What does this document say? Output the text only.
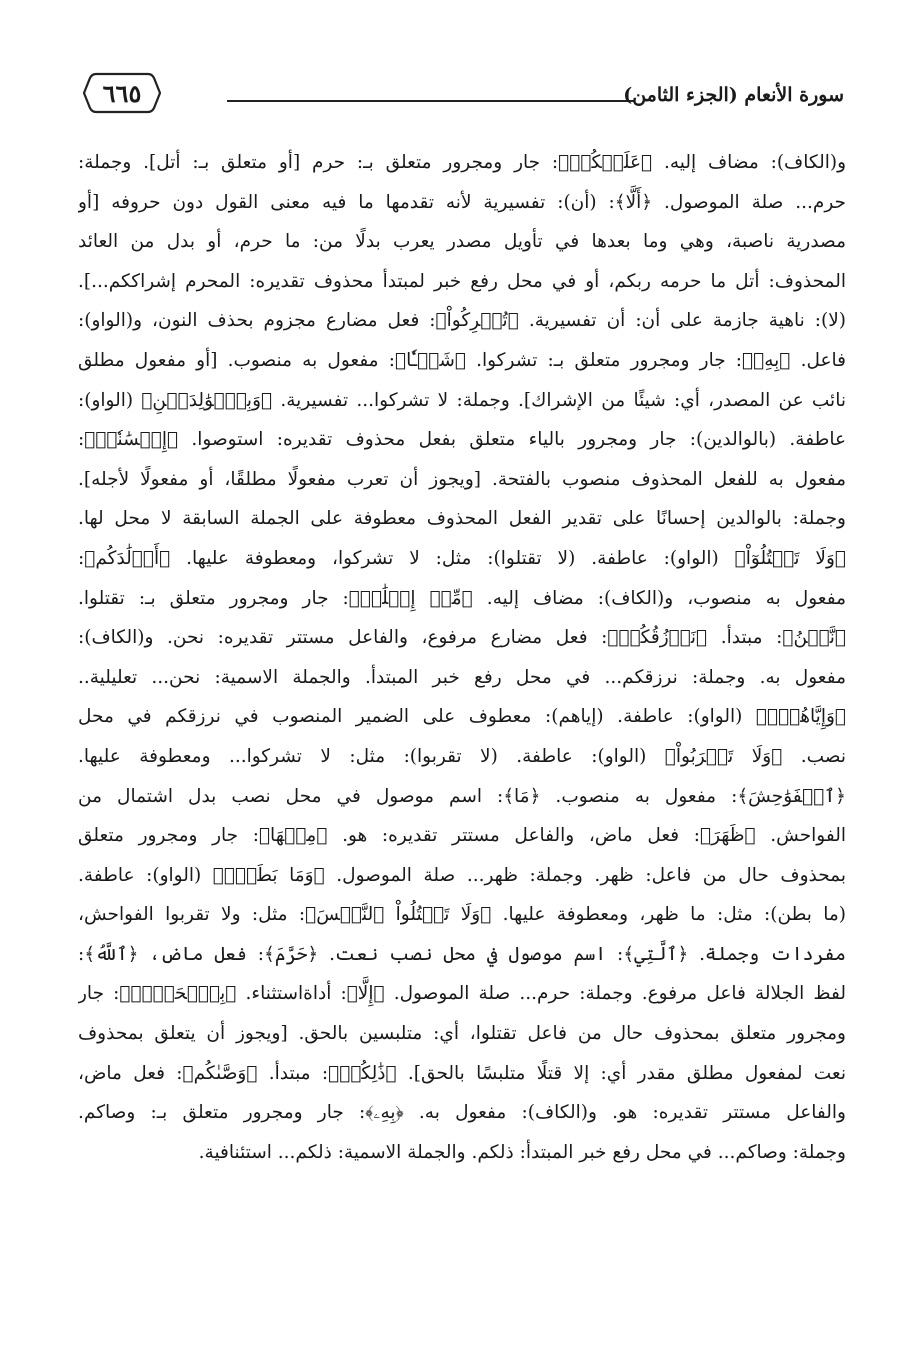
٦٦٥	سورة الأنعام (الجزء الثامن)
و(الكاف): مضاف إليه. ﴿عَلَيۡكُمۡ﴾: جار ومجرور متعلق بـ: حرم [أو متعلق بـ: أتل]. وجملة:
حرم... صلة الموصول. ﴿أَلَّا﴾: (أن): تفسيرية لأنه تقدمها ما فيه معنى القول دون حروفه [أو
مصدرية ناصبة، وهي وما بعدها في تأويل مصدر يعرب بدلًا من: ما حرم، أو بدل من العائد
المحذوف: أتل ما حرمه ربكم، أو في محل رفع خبر لمبتدأ محذوف تقديره: المحرم إشراككم...].
(لا): ناهية جازمة على أن: أن تفسيرية. ﴿تُشۡرِكُواْ﴾: فعل مضارع مجزوم بحذف النون، و(الواو):
فاعل. ﴿بِهِۦ﴾: جار ومجرور متعلق بـ: تشركوا. ﴿شَيۡـٔٗا﴾: مفعول به منصوب. [أو مفعول مطلق
نائب عن المصدر، أي: شيئًا من الإشراك]. وجملة: لا تشركوا... تفسيرية. ﴿وَبِٱلۡوَٰلِدَيۡنِ﴾ (الواو):
عاطفة. (بالوالدين): جار ومجرور بالياء متعلق بفعل محذوف تقديره: استوصوا. ﴿إِحۡسَٰنٗاۖ﴾:
مفعول به للفعل المحذوف منصوب بالفتحة. [ويجوز أن تعرب مفعولًا مطلقًا، أو مفعولًا لأجله].
وجملة: بالوالدين إحسانًا على تقدير الفعل المحذوف معطوفة على الجملة السابقة لا محل لها.
﴿وَلَا تَقۡتُلُوٓاْ﴾ (الواو): عاطفة. (لا تقتلوا): مثل: لا تشركوا، ومعطوفة عليها. ﴿أَوۡلَٰدَكُم﴾:
مفعول به منصوب، و(الكاف): مضاف إليه. ﴿مِّنۡ إِمۡلَٰقٖ﴾: جار ومجرور متعلق بـ: تقتلوا.
﴿نَّحۡنُ﴾: مبتدأ. ﴿نَرۡزُقُكُمۡ﴾: فعل مضارع مرفوع، والفاعل مستتر تقديره: نحن. و(الكاف):
مفعول به. وجملة: نرزقكم... في محل رفع خبر المبتدأ. والجملة الاسمية: نحن... تعليلية..
﴿وَإِيَّاهُمۡۖ﴾ (الواو): عاطفة. (إياهم): معطوف على الضمير المنصوب في نرزقكم في محل
نصب. ﴿وَلَا تَقۡرَبُواْ﴾ (الواو): عاطفة. (لا تقربوا): مثل: لا تشركوا... ومعطوفة عليها.
﴿ٱلۡفَوَٰحِشَ﴾: مفعول به منصوب. ﴿مَا﴾: اسم موصول في محل نصب بدل اشتمال من
الفواحش. ﴿ظَهَرَ﴾: فعل ماض، والفاعل مستتر تقديره: هو. ﴿مِنۡهَا﴾: جار ومجرور متعلق
بمحذوف حال من فاعل: ظهر. وجملة: ظهر... صلة الموصول. ﴿وَمَا بَطَنَۖ﴾ (الواو): عاطفة.
(ما بطن): مثل: ما ظهر، ومعطوفة عليها. ﴿وَلَا تَقۡتُلُواْ ٱلنَّفۡسَ﴾: مثل: ولا تقربوا الفواحش،
مفردات وجملة. ﴿ٱلَّتِي﴾: اسم موصول في محل نصب نعت. ﴿حَرَّمَ﴾: فعل ماض، ﴿ٱللَّهُ﴾:
لفظ الجلالة فاعل مرفوع. وجملة: حرم... صلة الموصول. ﴿إِلَّا﴾: أداةاستثناء. ﴿بِٱلۡحَقِّۚ﴾: جار
ومجرور متعلق بمحذوف حال من فاعل تقتلوا، أي: متلبسين بالحق. [ويجوز أن يتعلق بمحذوف
نعت لمفعول مطلق مقدر أي: إلا قتلًا متلبسًا بالحق]. ﴿ذَٰلِكُمۡ﴾: مبتدأ. ﴿وَصَّىٰكُم﴾: فعل ماض،
والفاعل مستتر تقديره: هو. و(الكاف): مفعول به. ﴿بِهِۦ﴾: جار ومجرور متعلق بـ: وصاكم.
وجملة: وصاكم... في محل رفع خبر المبتدأ: ذلكم. والجملة الاسمية: ذلكم... استئنافية.
